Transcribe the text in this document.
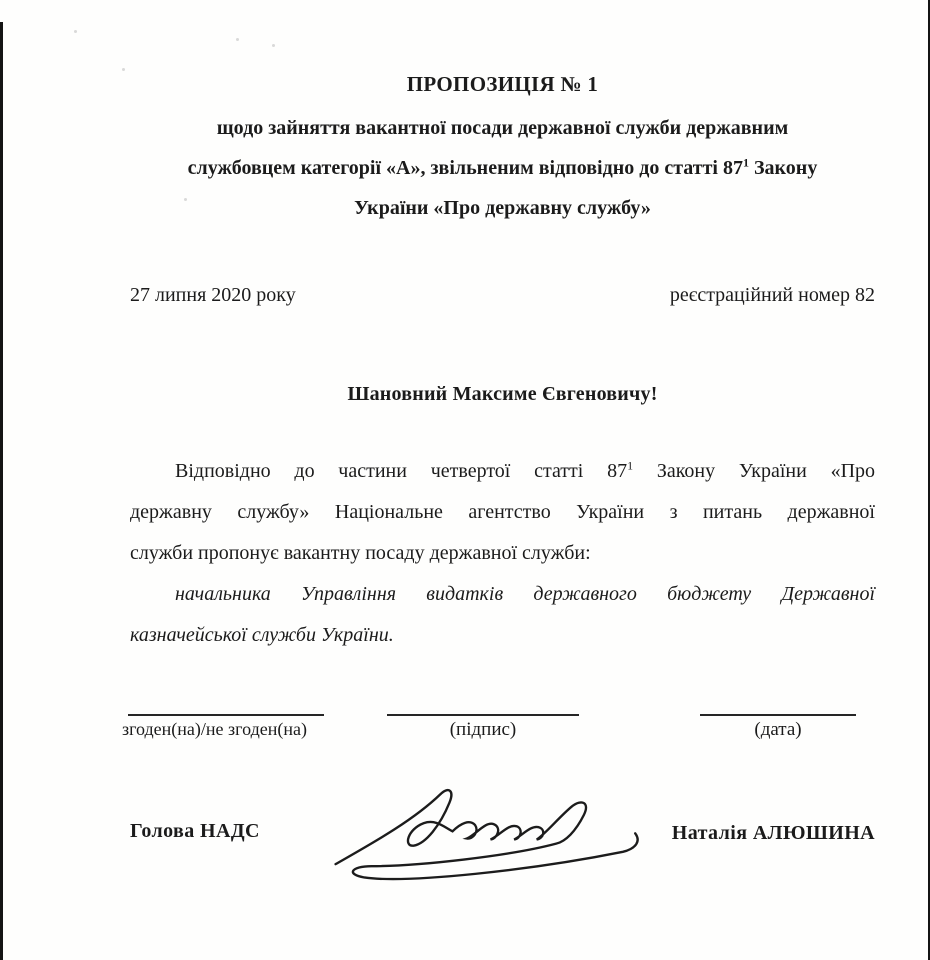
ПРОПОЗИЦІЯ № 1
щодо зайняття вакантної посади державної служби державним
службовцем категорії «А», звільненим відповідно до статті $87^1$ Закону
України «Про державну службу»
27 липня 2020 року	реєстраційний номер 82
Шановний Максиме Євгеновичу!
Відповідно до частини четвертої статті $87^1$ Закону України «Про
державну службу» Національне агентство України з питань державної
служби пропонує вакантну посаду державної служби:
начальника Управління видатків державного бюджету Державної
казначейської служби України.
згоден(на)/не згоден(на)	(підпис)	(дата)
Голова НАДС	Наталія АЛЮШИНА
